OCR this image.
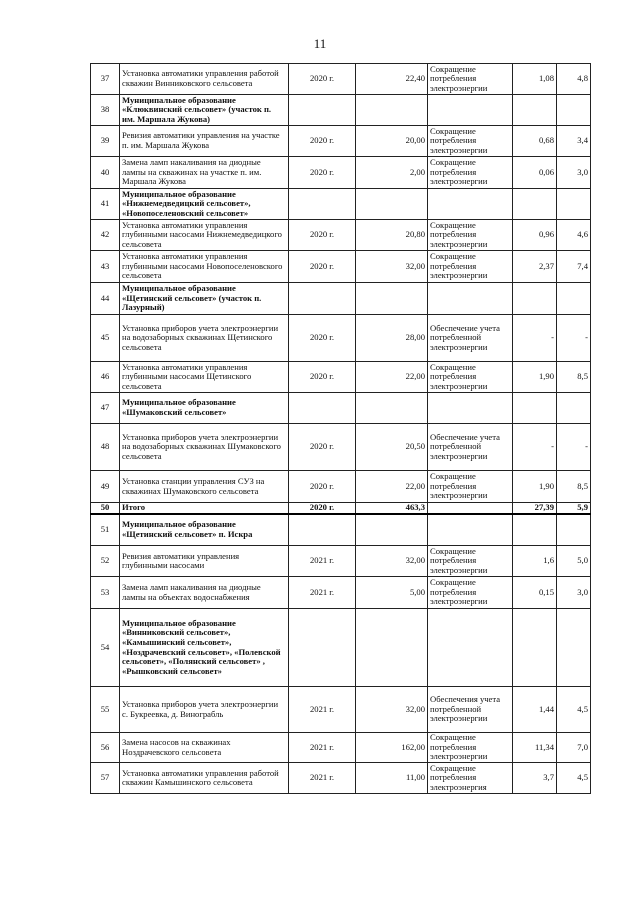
11
37	Установка автоматики управления работой скважин Винниковского сельсовета	2020 г.	22,40	Сокращение потребления электроэнергии	1,08	4,8
38	Муниципальное образование «Клюквинский сельсовет» (участок п. им. Маршала Жукова)					
39	Ревизия автоматики управления на участке п. им. Маршала Жукова	2020 г.	20,00	Сокращение потребления электроэнергии	0,68	3,4
40	Замена ламп накаливания на диодные лампы на скважинах на участке п. им. Маршала Жукова	2020 г.	2,00	Сокращение потребления электроэнергии	0,06	3,0
41	Муниципальное образование «Нижнемедведицкий сельсовет», «Новопоселеновский сельсовет»					
42	Установка автоматики управления глубинными насосами Нижнемедведицкого сельсовета	2020 г.	20,80	Сокращение потребления электроэнергии	0,96	4,6
43	Установка автоматики управления глубинными насосами Новопоселеновского сельсовета	2020 г.	32,00	Сокращение потребления электроэнергии	2,37	7,4
44	Муниципальное образование «Щетинский сельсовет» (участок п. Лазурный)					
45	Установка приборов учета электроэнергии на водозаборных скважинах Щетинского сельсовета	2020 г.	28,00	Обеспечение учета потребленной электроэнергии	-	-
46	Установка автоматики управления глубинными насосами Щетинского сельсовета	2020 г.	22,00	Сокращение потребления электроэнергии	1,90	8,5
47	Муниципальное образование «Шумаковский сельсовет»					
48	Установка приборов учета электроэнергии на водозаборных скважинах Шумаковского сельсовета	2020 г.	20,50	Обеспечение учета потребленной электроэнергии	-	-
49	Установка станции управления СУЗ на скважинах Шумаковского сельсовета	2020 г.	22,00	Сокращение потребления электроэнергии	1,90	8,5
50	Итого	2020 г.	463,3		27,39	5,9
51	Муниципальное образование «Щетинский сельсовет» п. Искра					
52	Ревизия автоматики управления глубинными насосами	2021 г.	32,00	Сокращение потребления электроэнергии	1,6	5,0
53	Замена ламп накаливания на диодные лампы на объектах водоснабжения	2021 г.	5,00	Сокращение потребления электроэнергии	0,15	3,0
54	Муниципальное образование «Винниковский сельсовет», «Камышинский сельсовет», «Ноздрачевский сельсовет», «Полевской сельсовет», «Полянский сельсовет» , «Рышковский сельсовет»					
55	Установка приборов учета электроэнергии с. Букреевка, д. Винограбль	2021 г.	32,00	Обеспечения учета потребленной электроэнергии	1,44	4,5
56	Замена насосов на скважинах Ноздрачевского сельсовета	2021 г.	162,00	Сокращение потребления электроэнергии	11,34	7,0
57	Установка автоматики управления работой скважин Камышинского сельсовета	2021 г.	11,00	Сокращение потребления электроэнергия	3,7	4,5
